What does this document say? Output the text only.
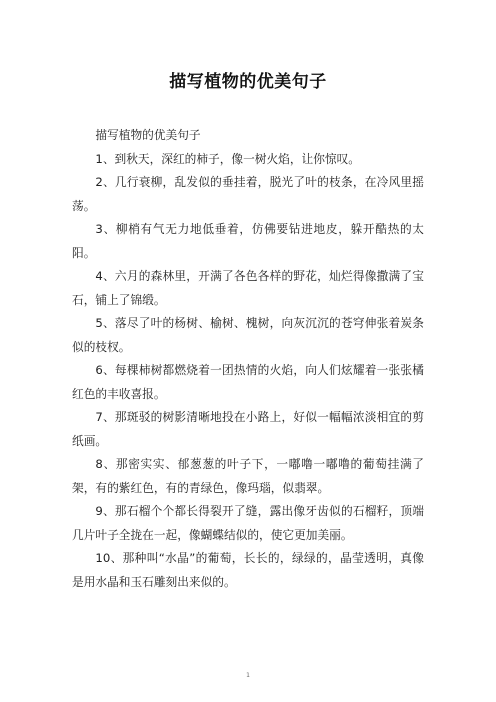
描写植物的优美句子

描写植物的优美句子

1、到秋天，深红的柿子，像一树火焰，让你惊叹。

2、几行衰柳，乱发似的垂挂着，脱光了叶的枝条，在冷风里摇荡。

3、柳梢有气无力地低垂着，仿佛要钻进地皮，躲开酷热的太阳。

4、六月的森林里，开满了各色各样的野花，灿烂得像撒满了宝石，铺上了锦缎。

5、落尽了叶的杨树、榆树、槐树，向灰沉沉的苍穹伸张着炭条似的枝杈。

6、每棵柿树都燃烧着一团热情的火焰，向人们炫耀着一张张橘红色的丰收喜报。

7、那斑驳的树影清晰地投在小路上，好似一幅幅浓淡相宜的剪纸画。

8、那密实实、郁葱葱的叶子下，一嘟噜一嘟噜的葡萄挂满了架，有的紫红色，有的青绿色，像玛瑙，似翡翠。

9、那石榴个个都长得裂开了缝，露出像牙齿似的石榴籽，顶端几片叶子全拢在一起，像蝴蝶结似的，使它更加美丽。

10、那种叫“水晶”的葡萄，长长的，绿绿的，晶莹透明，真像是用水晶和玉石雕刻出来似的。

1
